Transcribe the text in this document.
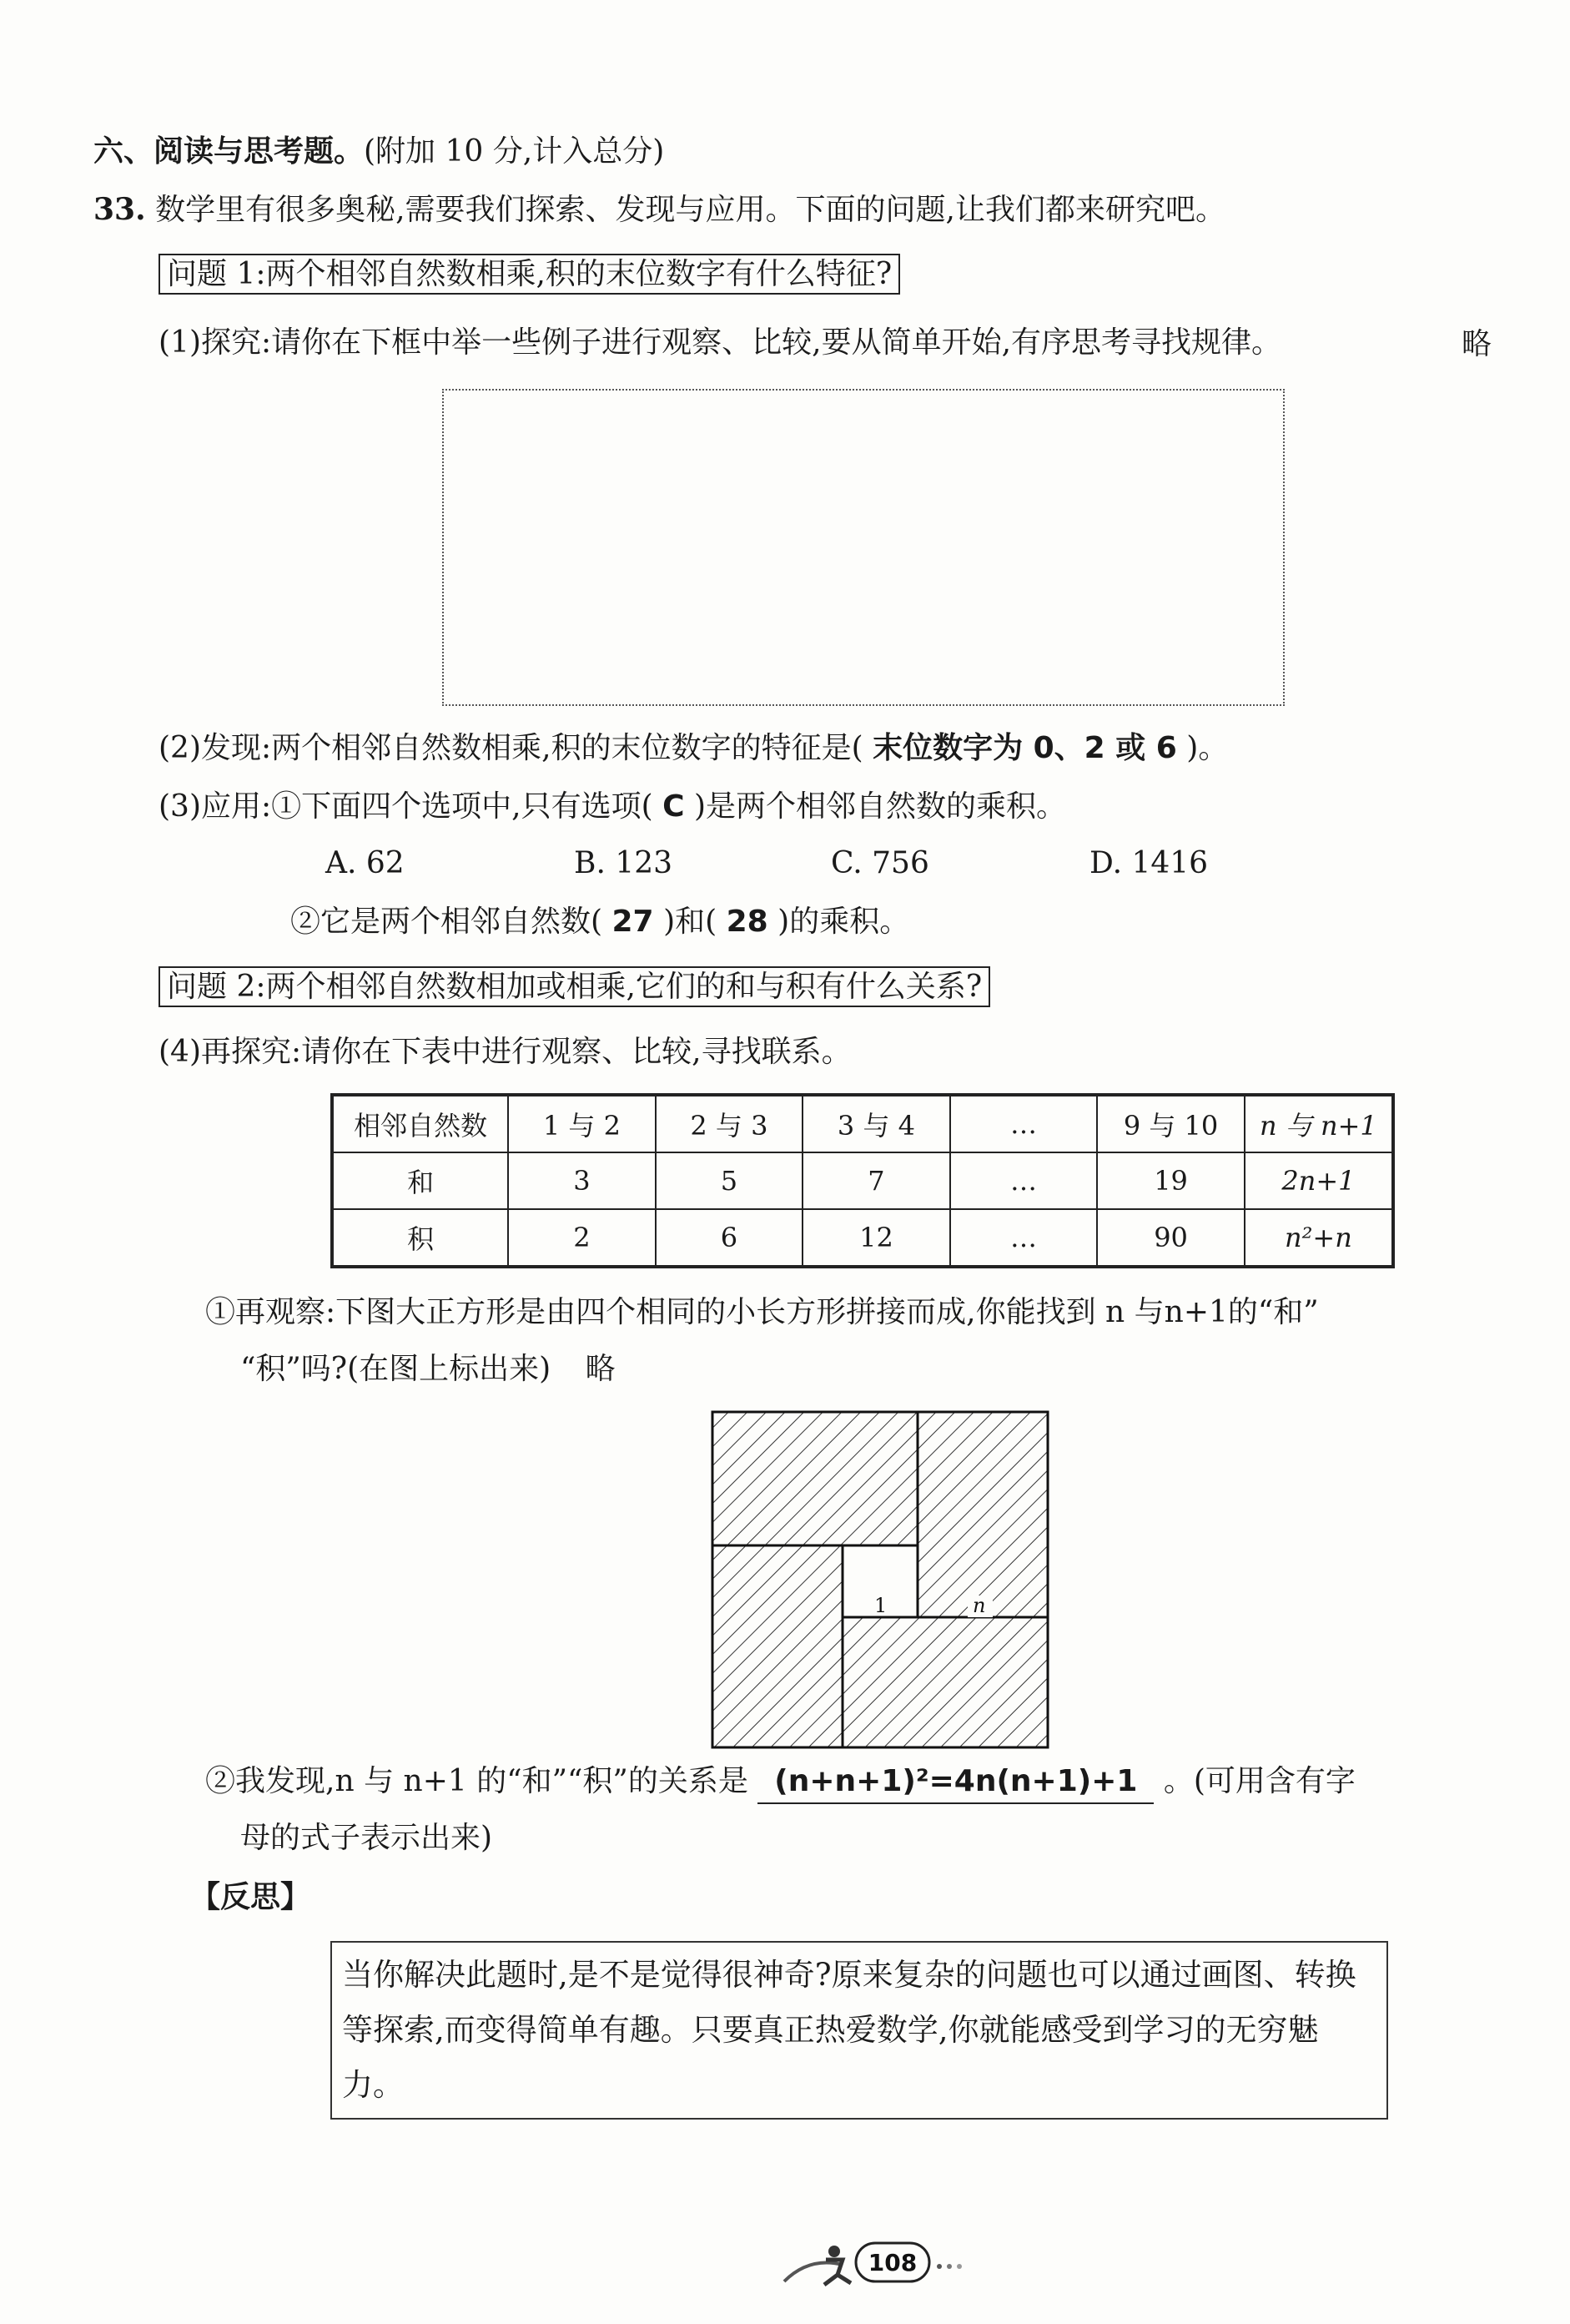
六、阅读与思考题。(附加 10 分,计入总分)
33. 数学里有很多奥秘,需要我们探索、发现与应用。下面的问题,让我们都来研究吧。
问题 1:两个相邻自然数相乘,积的末位数字有什么特征?
(1)探究:请你在下框中举一些例子进行观察、比较,要从简单开始,有序思考寻找规律。	略
(2)发现:两个相邻自然数相乘,积的末位数字的特征是( 末位数字为 0、2 或 6 )。
(3)应用:①下面四个选项中,只有选项( C )是两个相邻自然数的乘积。
A. 62	B. 123	C. 756	D. 1416
②它是两个相邻自然数( 27 )和( 28 )的乘积。
问题 2:两个相邻自然数相加或相乘,它们的和与积有什么关系?
(4)再探究:请你在下表中进行观察、比较,寻找联系。
相邻自然数	1 与 2	2 与 3	3 与 4	…	9 与 10	n 与 n+1
和	3	5	7	…	19	2n+1
积	2	6	12	…	90	n²+n
①再观察:下图大正方形是由四个相同的小长方形拼接而成,你能找到 n 与n+1的“和”
“积”吗?(在图上标出来) 略
1	n
②我发现,n 与 n+1 的“和”“积”的关系是 (n+n+1)²=4n(n+1)+1 。(可用含有字
母的式子表示出来)
【反思】
当你解决此题时,是不是觉得很神奇?原来复杂的问题也可以通过画图、转换等探索,而变得简单有趣。只要真正热爱数学,你就能感受到学习的无穷魅力。
108
